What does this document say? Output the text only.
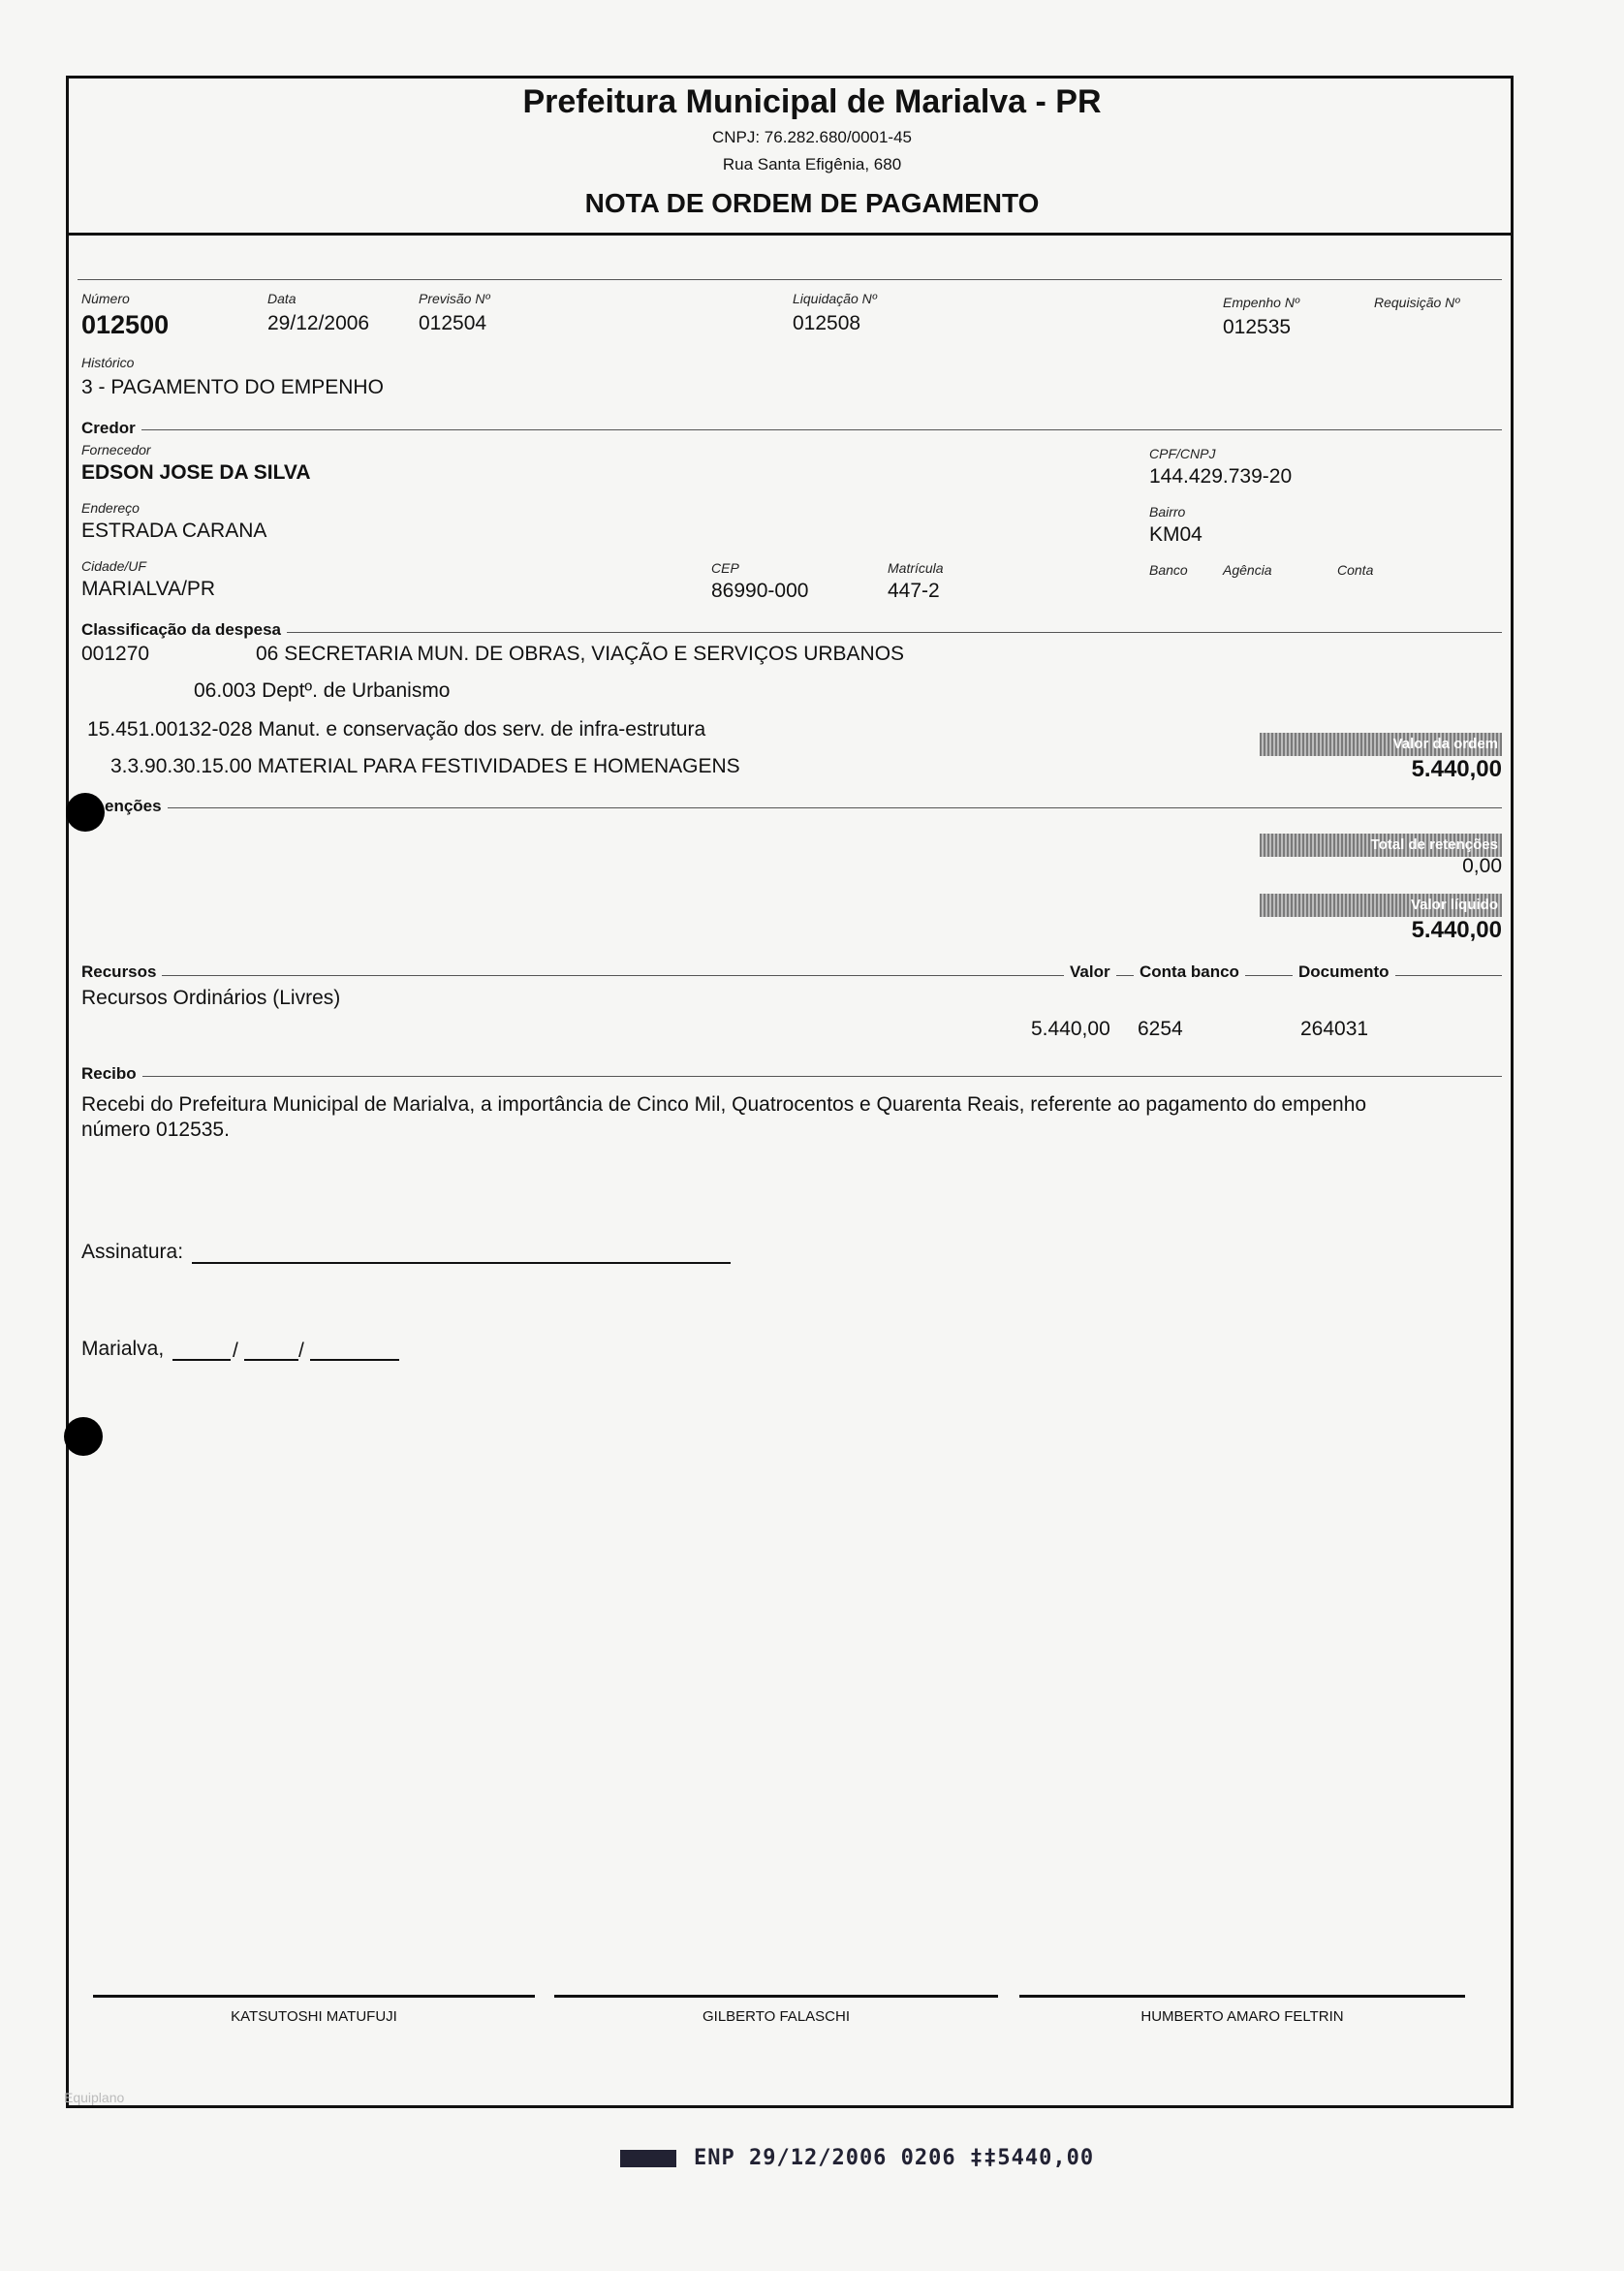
Prefeitura Municipal de Marialva - PR
CNPJ: 76.282.680/0001-45
Rua Santa Efigênia, 680
NOTA DE ORDEM DE PAGAMENTO
Número
012500
Data
29/12/2006
Previsão Nº
012504
Liquidação Nº
012508
Empenho Nº
012535
Requisição Nº
Histórico
3 - PAGAMENTO DO EMPENHO
Credor
Fornecedor
EDSON JOSE DA SILVA
CPF/CNPJ
144.429.739-20
Endereço
ESTRADA CARANA
Bairro
KM04
Cidade/UF
MARIALVA/PR
CEP
86990-000
Matrícula
447-2
Banco	Agência	Conta
Classificação da despesa
001270	06 SECRETARIA MUN. DE OBRAS, VIAÇÃO E SERVIÇOS URBANOS
06.003 Deptº. de Urbanismo
15.451.00132-028 Manut. e conservação dos serv. de infra-estrutura
3.3.90.30.15.00 MATERIAL PARA FESTIVIDADES E HOMENAGENS
Valor da ordem
5.440,00
enções
Total de retenções
0,00
Valor líquido
5.440,00
Recursos	Valor	Conta banco	Documento
Recursos Ordinários (Livres)
5.440,00 6254	264031
Recibo
Recebi do Prefeitura Municipal de Marialva, a importância de Cinco Mil, Quatrocentos e Quarenta Reais, referente ao pagamento do empenho
número 012535.
Assinatura:
Marialva,	/	/
KATSUTOSHI MATUFUJI	GILBERTO FALASCHI	HUMBERTO AMARO FELTRIN
Equiplano
ENP 29/12/2006 0206 ‡‡5440,00
